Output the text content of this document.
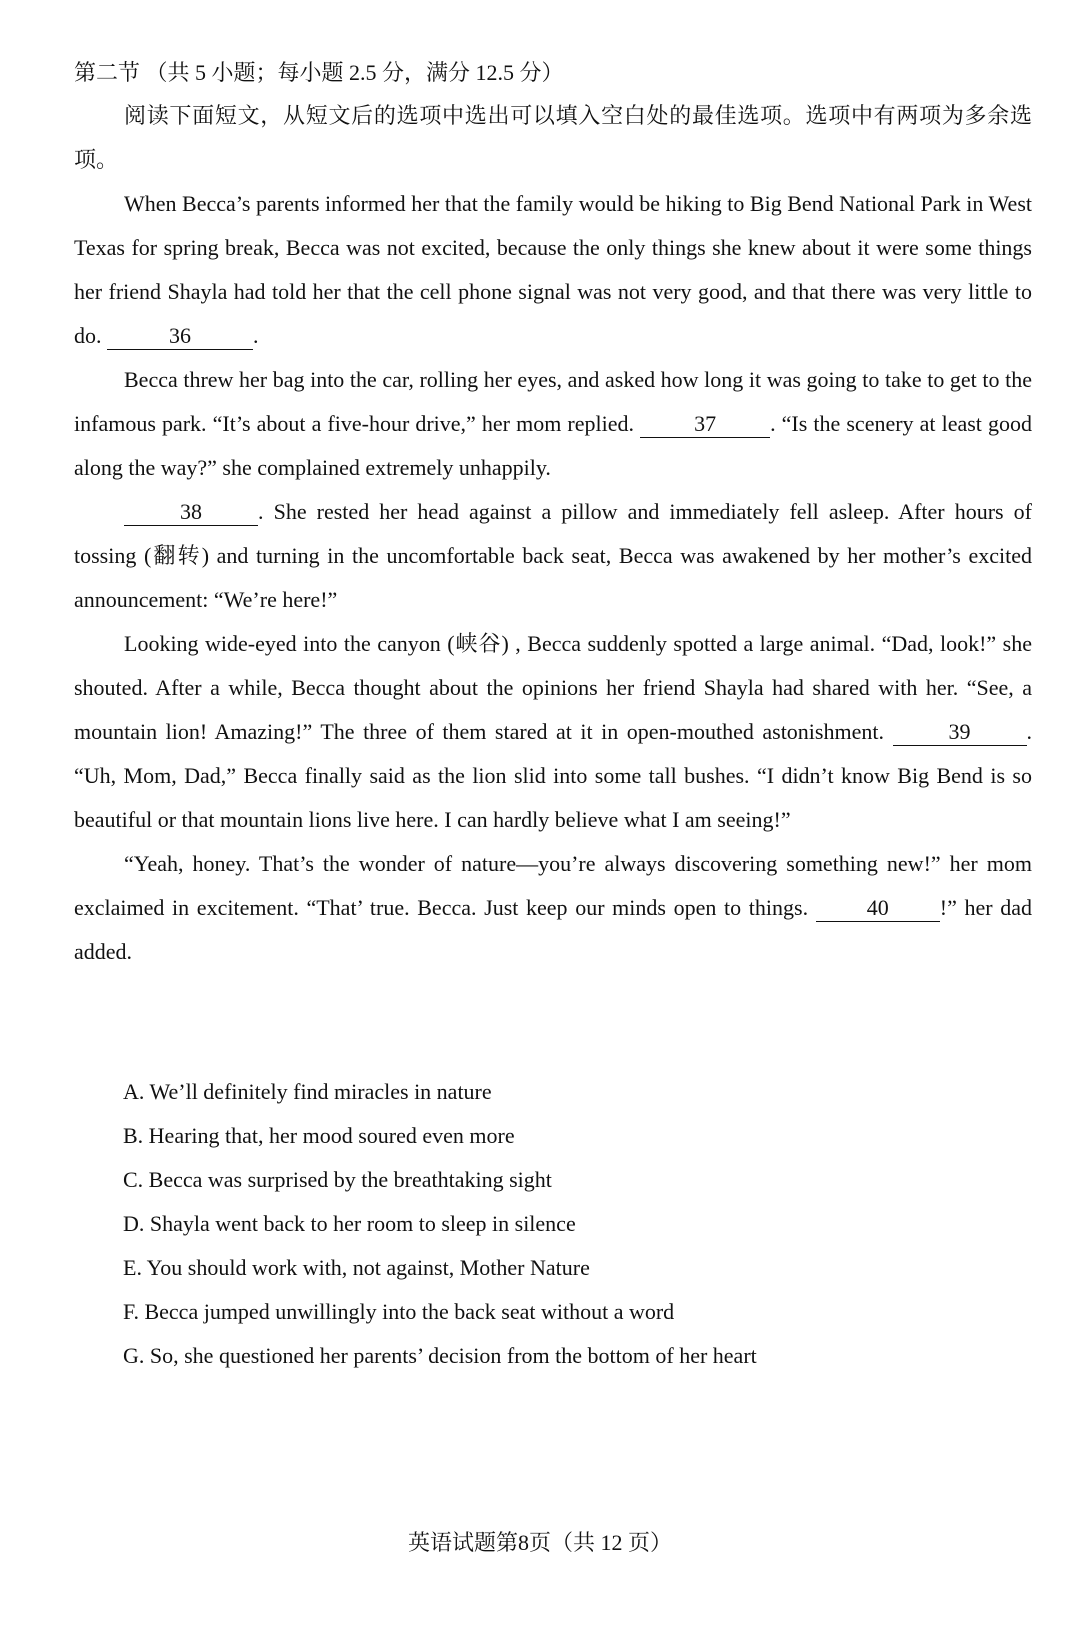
第二节 （共 5 小题；每小题 2.5 分，满分 12.5 分）

阅读下面短文，从短文后的选项中选出可以填入空白处的最佳选项。选项中有两项为多余选项。

When Becca’s parents informed her that the family would be hiking to Big Bend National Park in West Texas for spring break, Becca was not excited, because the only things she knew about it were some things her friend Shayla had told her that the cell phone signal was not very good, and that there was very little to do.	36	.

Becca threw her bag into the car, rolling her eyes, and asked how long it was going to take to get to the infamous park. “It’s about a five-hour drive,” her mom replied.	37 . “Is the scenery at least good along the way?” she complained extremely unhappily.

38	. She rested her head against a pillow and immediately fell asleep. After hours of tossing (翻转) and turning in the uncomfortable back seat, Becca was awakened by her mother’s excited announcement: “We’re here!”

Looking wide-eyed into the canyon (峡谷) , Becca suddenly spotted a large animal. “Dad, look!” she shouted. After a while, Becca thought about the opinions her friend Shayla had shared with her. “See, a mountain lion! Amazing!” The three of them stared at it in open-mouthed astonishment.	39	. “Uh, Mom, Dad,” Becca finally said as the lion slid into some tall bushes. “I didn’t know Big Bend is so beautiful or that mountain lions live here. I can hardly believe what I am seeing!”

“Yeah, honey. That’s the wonder of nature—you’re always discovering something new!” her mom exclaimed in excitement. “That’ true. Becca. Just keep our minds open to things.	40 !” her dad added.

A. We’ll definitely find miracles in nature
B. Hearing that, her mood soured even more
C. Becca was surprised by the breathtaking sight
D. Shayla went back to her room to sleep in silence
E. You should work with, not against, Mother Nature
F. Becca jumped unwillingly into the back seat without a word
G. So, she questioned her parents’ decision from the bottom of her heart
英语试题第8页（共 12 页）
